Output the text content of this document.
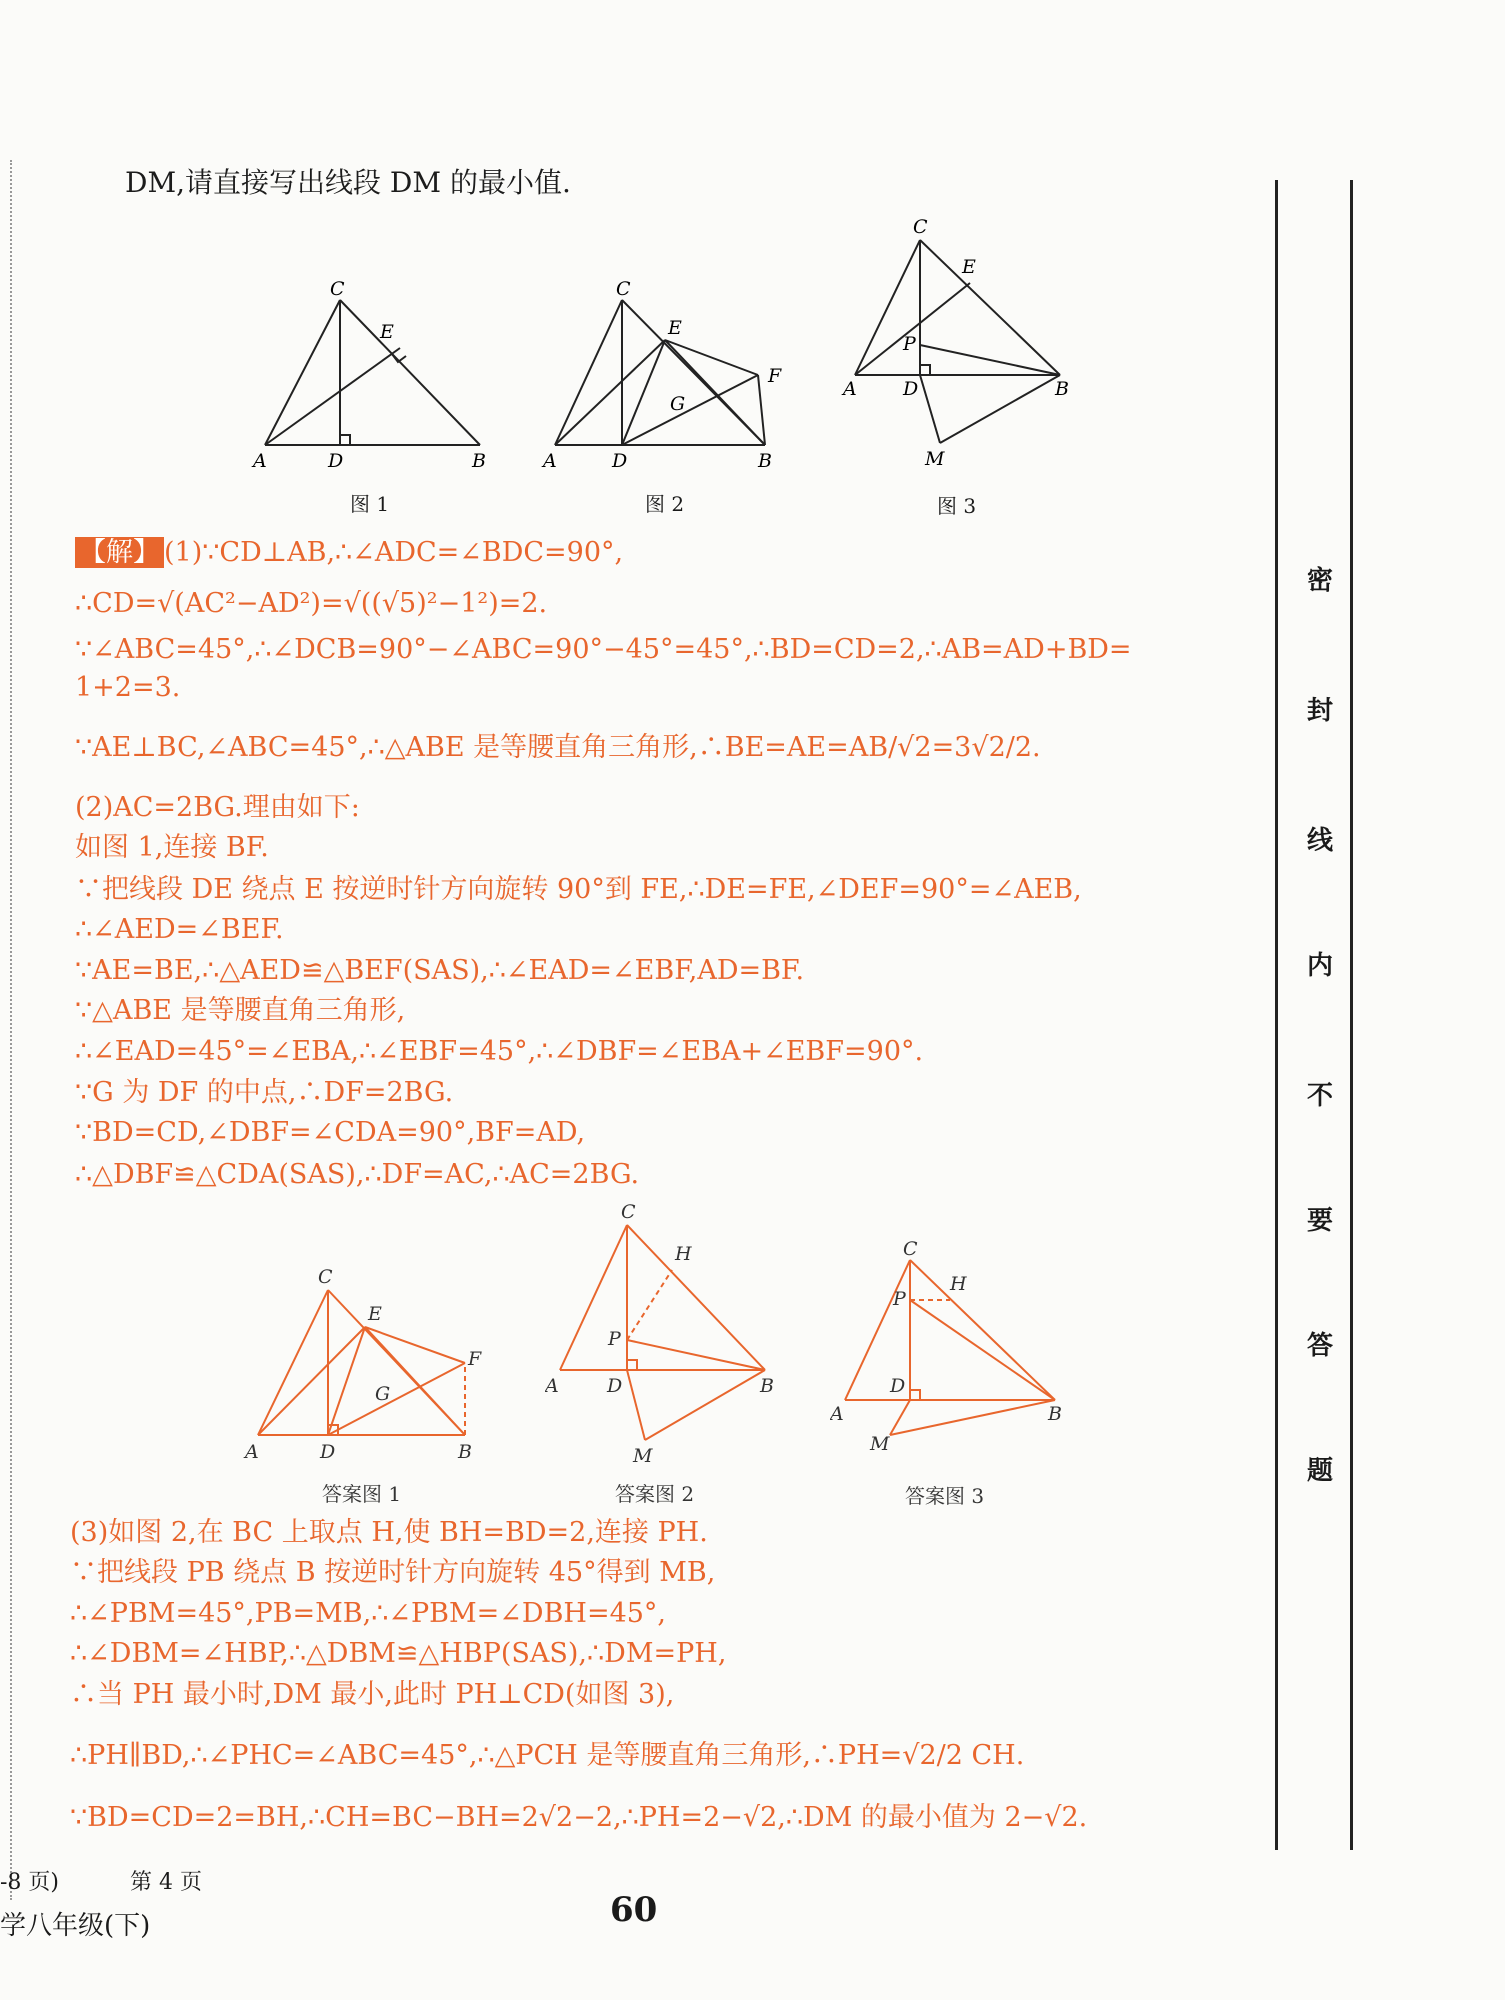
DM,请直接写出线段 DM 的最小值.
C
E
A	D	B
图 1
C
E
F
G
A	D	B
图 2
C
E
P
A D	B
M
图 3
【解】 (1)∵CD⊥AB,∴∠ADC=∠BDC=90°,
∴CD=√(AC²−AD²)=√((√5)²−1²)=2.
∵∠ABC=45°,∴∠DCB=90°−∠ABC=90°−45°=45°,∴BD=CD=2,∴AB=AD+BD=
1+2=3.
∵AE⊥BC,∠ABC=45°,∴△ABE 是等腰直角三角形,∴BE=AE=AB/√2=3√2/2.
(2)AC=2BG.理由如下:
如图 1,连接 BF.
∵把线段 DE 绕点 E 按逆时针方向旋转 90°到 FE,∴DE=FE,∠DEF=90°=∠AEB,
∴∠AED=∠BEF.
∵AE=BE,∴△AED≌△BEF(SAS),∴∠EAD=∠EBF,AD=BF.
∵△ABE 是等腰直角三角形,
∴∠EAD=45°=∠EBA,∴∠EBF=45°,∴∠DBF=∠EBA+∠EBF=90°.
∵G 为 DF 的中点,∴DF=2BG.
∵BD=CD,∠DBF=∠CDA=90°,BF=AD,
∴△DBF≌△CDA(SAS),∴DF=AC,∴AC=2BG.
C
E
F
G
A	D	B
答案图 1
C
H
P
A	D	B
M
答案图 2
C
H
P
D
A	B
M
答案图 3
(3)如图 2,在 BC 上取点 H,使 BH=BD=2,连接 PH.
∵把线段 PB 绕点 B 按逆时针方向旋转 45°得到 MB,
∴∠PBM=45°,PB=MB,∴∠PBM=∠DBH=45°,
∴∠DBM=∠HBP,∴△DBM≌△HBP(SAS),∴DM=PH,
∴当 PH 最小时,DM 最小,此时 PH⊥CD(如图 3),
∴PH∥BD,∴∠PHC=∠ABC=45°,∴△PCH 是等腰直角三角形,∴PH=√2/2 CH.
∵BD=CD=2=BH,∴CH=BC−BH=2√2−2,∴PH=2−√2,∴DM 的最小值为 2−√2.
密
封
线
内
不
要
答
题
-8 页)	第 4 页
学八年级(下)	60
